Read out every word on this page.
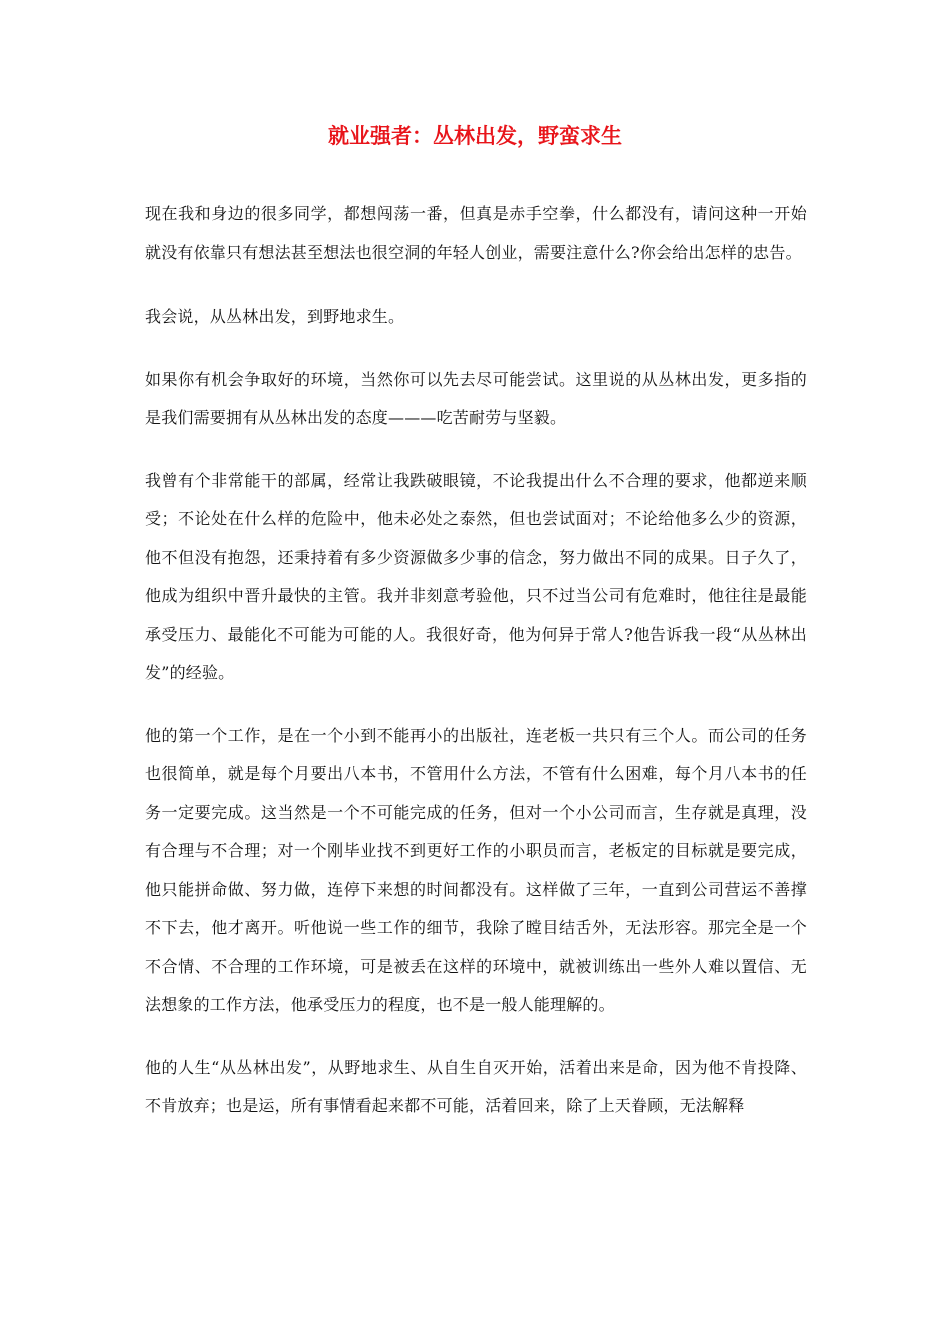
就业强者：丛林出发，野蛮求生

现在我和身边的很多同学，都想闯荡一番，但真是赤手空拳，什么都没有，请问这种一开始就没有依靠只有想法甚至想法也很空洞的年轻人创业，需要注意什么?你会给出怎样的忠告。

我会说，从丛林出发，到野地求生。

如果你有机会争取好的环境，当然你可以先去尽可能尝试。这里说的从丛林出发，更多指的是我们需要拥有从丛林出发的态度———吃苦耐劳与坚毅。

我曾有个非常能干的部属，经常让我跌破眼镜，不论我提出什么不合理的要求，他都逆来顺受；不论处在什么样的危险中，他未必处之泰然，但也尝试面对；不论给他多么少的资源，他不但没有抱怨，还秉持着有多少资源做多少事的信念，努力做出不同的成果。日子久了，他成为组织中晋升最快的主管。我并非刻意考验他，只不过当公司有危难时，他往往是最能承受压力、最能化不可能为可能的人。我很好奇，他为何异于常人?他告诉我一段“从丛林出发”的经验。

他的第一个工作，是在一个小到不能再小的出版社，连老板一共只有三个人。而公司的任务也很简单，就是每个月要出八本书，不管用什么方法，不管有什么困难，每个月八本书的任务一定要完成。这当然是一个不可能完成的任务，但对一个小公司而言，生存就是真理，没有合理与不合理；对一个刚毕业找不到更好工作的小职员而言，老板定的目标就是要完成，他只能拼命做、努力做，连停下来想的时间都没有。这样做了三年，一直到公司营运不善撑不下去，他才离开。听他说一些工作的细节，我除了瞠目结舌外，无法形容。那完全是一个不合情、不合理的工作环境，可是被丢在这样的环境中，就被训练出一些外人难以置信、无法想象的工作方法，他承受压力的程度，也不是一般人能理解的。

他的人生“从丛林出发”，从野地求生、从自生自灭开始，活着出来是命，因为他不肯投降、不肯放弃；也是运，所有事情看起来都不可能，活着回来，除了上天眷顾，无法解释
